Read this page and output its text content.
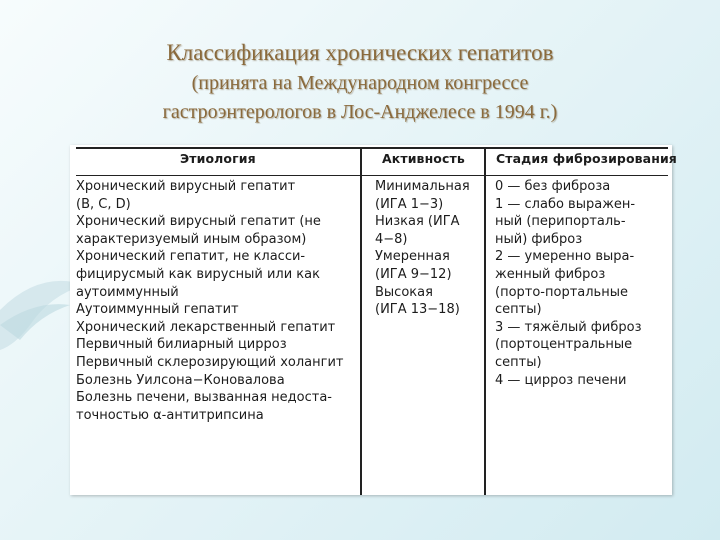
Классификация хронических гепатитов
(принята на Международном конгрессе
гастроэнтерологов в Лос-Анджелесе в 1994 г.)
Этиология	Активность Стадия фиброзирования
Хронический вирусный гепатит
(B, C, D)
Хронический вирусный гепатит (не
характеризуемый иным образом)
Хронический гепатит, не класси-
фицирусмый как вирусный или как
аутоиммунный
Аутоиммунный гепатит
Хронический лекарственный гепатит
Первичный билиарный цирроз
Первичный склерозирующий холангит
Болезнь Уилсона−Коновалова
Болезнь печени, вызванная недоста-
точностью α-антитрипсина
Минимальная
(ИГА 1−3)
Низкая (ИГА
4−8)
Умеренная
(ИГА 9−12)
Высокая
(ИГА 13−18)
0 — без фиброза
1 — слабо выражен-
ный (перипорталь-
ный) фиброз
2 — умеренно выра-
женный фиброз
(порто-портальные
септы)
3 — тяжёлый фиброз
(портоцентральные
септы)
4 — цирроз печени
